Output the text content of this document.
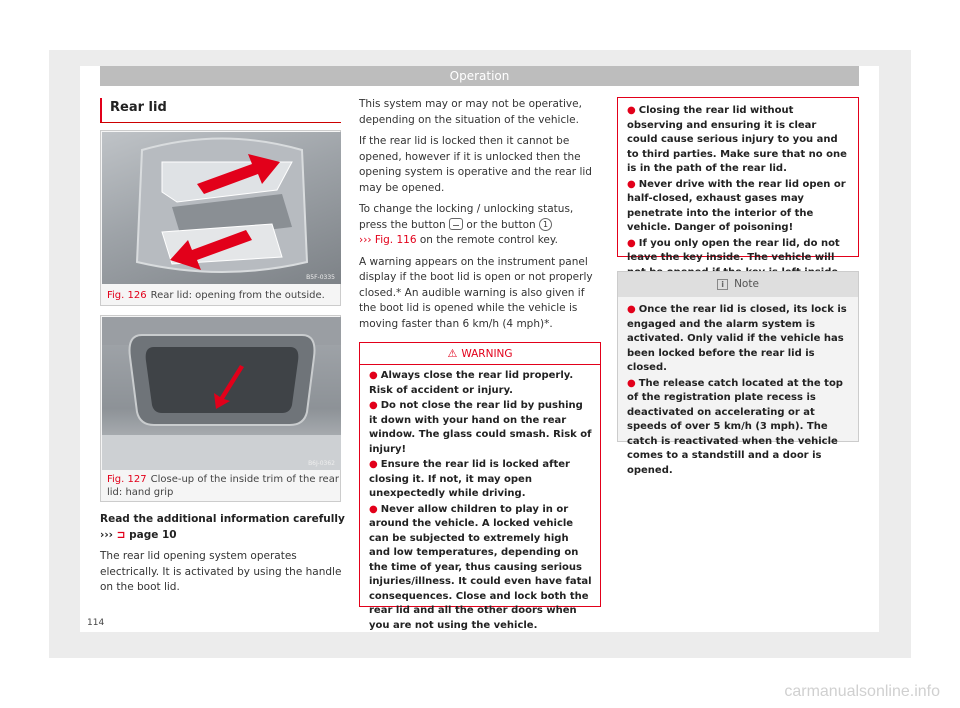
Operation
Rear lid
B5F-0335
Fig. 126 Rear lid: opening from the outside.
B6J-0362
Fig. 127 Close-up of the inside trim of the rear lid: hand grip
Read the additional information carefully
››› ⊐ page 10
The rear lid opening system operates electrically. It is activated by using the handle on the boot lid.

This system may or may not be operative, depending on the situation of the vehicle.

If the rear lid is locked then it cannot be opened, however if it is unlocked then the opening system is operative and the rear lid may be opened.

To change the locking / unlocking status, press the button or the button 1
››› Fig. 116 on the remote control key.

A warning appears on the instrument panel display if the boot lid is open or not properly closed.* An audible warning is also given if the boot lid is opened while the vehicle is moving faster than 6 km/h (4 mph)*.

⚠ WARNING
● Always close the rear lid properly. Risk of accident or injury.
● Do not close the rear lid by pushing it down with your hand on the rear window. The glass could smash. Risk of injury!
● Ensure the rear lid is locked after closing it. If not, it may open unexpectedly while driving.
● Never allow children to play in or around the vehicle. A locked vehicle can be subjected to extremely high and low temperatures, depending on the time of year, thus causing serious injuries/illness. It could even have fatal consequences. Close and lock both the rear lid and all the other doors when you are not using the vehicle.
● Closing the rear lid without observing and ensuring it is clear could cause serious injury to you and to third parties. Make sure that no one is in the path of the rear lid.
● Never drive with the rear lid open or half-closed, exhaust gases may penetrate into the interior of the vehicle. Danger of poisoning!
● If you only open the rear lid, do not leave the key inside. The vehicle will
i Note
● Once the rear lid is closed, its lock is engaged and the alarm system is activated. Only valid if the vehicle has been locked before the rear lid is closed.
● The release catch located at the top of the registration plate recess is deactivated on accelerating or at speeds of over 5 km/h (3 mph). The catch is reactivated when the vehicle comes to a standstill and a door is opened.
114
carmanualsonline.info
